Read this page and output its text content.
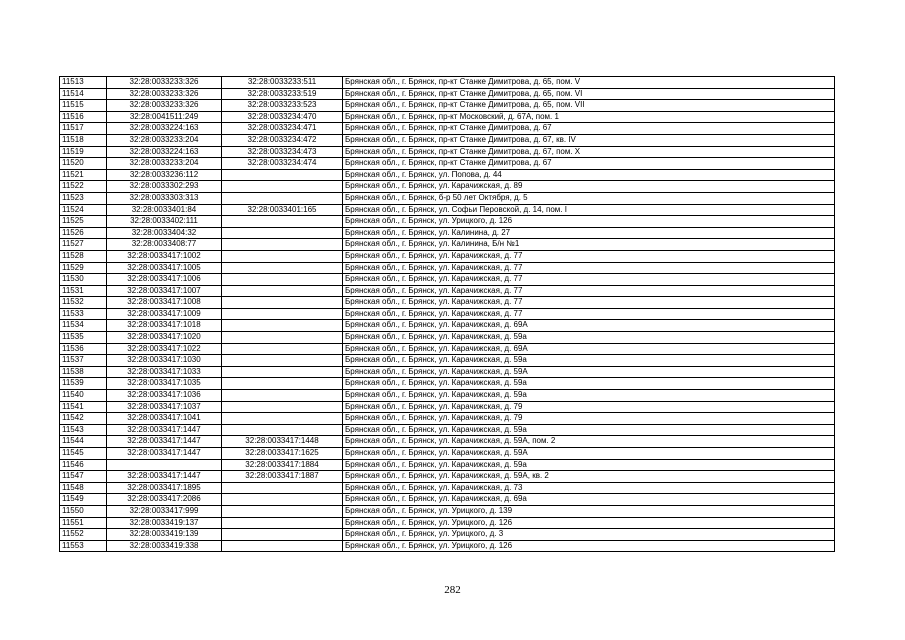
11513	32:28:0033233:326	32:28:0033233:511	Брянская обл., г. Брянск, пр-кт Станке Димитрова, д. 65, пом. V
11514	32:28:0033233:326	32:28:0033233:519	Брянская обл., г. Брянск, пр-кт Станке Димитрова, д. 65, пом. VI
11515	32:28:0033233:326	32:28:0033233:523	Брянская обл., г. Брянск, пр-кт Станке Димитрова, д. 65, пом. VII
11516	32:28:0041511:249	32:28:0033234:470	Брянская обл., г. Брянск, пр-кт Московский, д. 67А, пом. 1
11517	32:28:0033224:163	32:28:0033234:471	Брянская обл., г. Брянск, пр-кт Станке Димитрова, д. 67
11518	32:28:0033233:204	32:28:0033234:472	Брянская обл., г. Брянск, пр-кт Станке Димитрова, д. 67, кв. IV
11519	32:28:0033224:163	32:28:0033234:473	Брянская обл., г. Брянск, пр-кт Станке Димитрова, д. 67, пом. X
11520	32:28:0033233:204	32:28:0033234:474	Брянская обл., г. Брянск, пр-кт Станке Димитрова, д. 67
11521	32:28:0033236:112		Брянская обл., г. Брянск, ул. Попова, д. 44
11522	32:28:0033302:293		Брянская обл., г. Брянск, ул. Карачижская, д. 89
11523	32:28:0033303:313		Брянская обл., г. Брянск, б-р 50 лет Октября, д. 5
11524	32:28:0033401:84	32:28:0033401:165	Брянская обл., г. Брянск, ул. Софьи Перовской, д. 14, пом. I
11525	32:28:0033402:111		Брянская обл., г. Брянск, ул. Урицкого, д. 126
11526	32:28:0033404:32		Брянская обл., г. Брянск, ул. Калинина, д. 27
11527	32:28:0033408:77		Брянская обл., г. Брянск, ул. Калинина, Б/н №1
11528	32:28:0033417:1002		Брянская обл., г. Брянск, ул. Карачижская, д. 77
11529	32:28:0033417:1005		Брянская обл., г. Брянск, ул. Карачижская, д. 77
11530	32:28:0033417:1006		Брянская обл., г. Брянск, ул. Карачижская, д. 77
11531	32:28:0033417:1007		Брянская обл., г. Брянск, ул. Карачижская, д. 77
11532	32:28:0033417:1008		Брянская обл., г. Брянск, ул. Карачижская, д. 77
11533	32:28:0033417:1009		Брянская обл., г. Брянск, ул. Карачижская, д. 77
11534	32:28:0033417:1018		Брянская обл., г. Брянск, ул. Карачижская, д. 69А
11535	32:28:0033417:1020		Брянская обл., г. Брянск, ул. Карачижская, д. 59а
11536	32:28:0033417:1022		Брянская обл., г. Брянск, ул. Карачижская, д. 69А
11537	32:28:0033417:1030		Брянская обл., г. Брянск, ул. Карачижская, д. 59а
11538	32:28:0033417:1033		Брянская обл., г. Брянск, ул. Карачижская, д. 59А
11539	32:28:0033417:1035		Брянская обл., г. Брянск, ул. Карачижская, д. 59а
11540	32:28:0033417:1036		Брянская обл., г. Брянск, ул. Карачижская, д. 59а
11541	32:28:0033417:1037		Брянская обл., г. Брянск, ул. Карачижская, д. 79
11542	32:28:0033417:1041		Брянская обл., г. Брянск, ул. Карачижская, д. 79
11543	32:28:0033417:1447		Брянская обл., г. Брянск, ул. Карачижская, д. 59а
11544	32:28:0033417:1447	32:28:0033417:1448	Брянская обл., г. Брянск, ул. Карачижская, д. 59А, пом. 2
11545	32:28:0033417:1447	32:28:0033417:1625	Брянская обл., г. Брянск, ул. Карачижская, д. 59А
11546		32:28:0033417:1884	Брянская обл., г. Брянск, ул. Карачижская, д. 59а
11547	32:28:0033417:1447	32:28:0033417:1887	Брянская обл., г. Брянск, ул. Карачижская, д. 59А, кв. 2
11548	32:28:0033417:1895		Брянская обл., г. Брянск, ул. Карачижская, д. 73
11549	32:28:0033417:2086		Брянская обл., г. Брянск, ул. Карачижская, д. 69а
11550	32:28:0033417:999		Брянская обл., г. Брянск, ул. Урицкого, д. 139
11551	32:28:0033419:137		Брянская обл., г. Брянск, ул. Урицкого, д. 126
11552	32:28:0033419:139		Брянская обл., г. Брянск, ул. Урицкого, д. 3
11553	32:28:0033419:338		Брянская обл., г. Брянск, ул. Урицкого, д. 126
282
